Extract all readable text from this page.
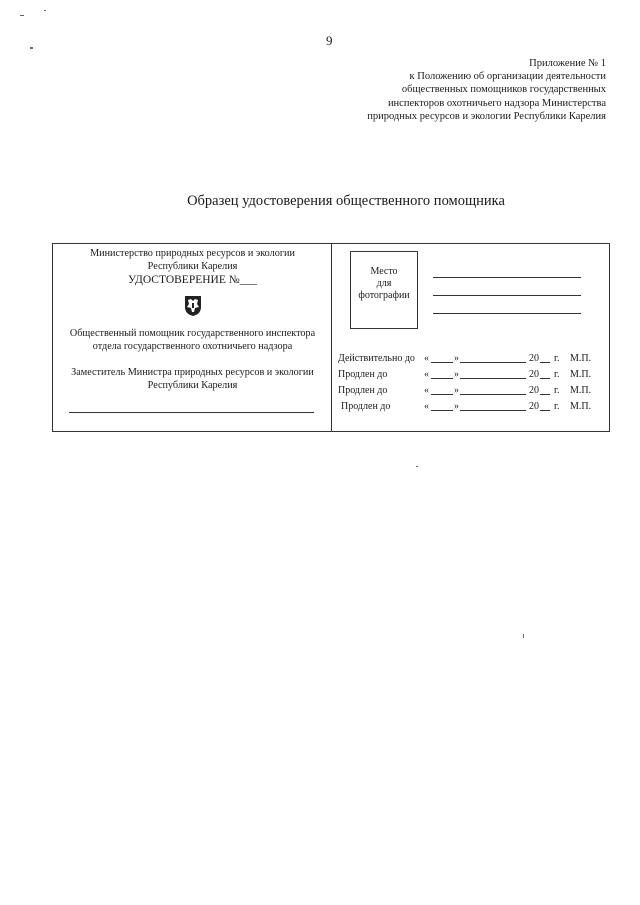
9
Приложение № 1
к Положению об организации деятельности
общественных помощников государственных
инспекторов охотничьего надзора Министерства
природных ресурсов и экологии Республики Карелия
Образец удостоверения общественного помощника
Министерство природных ресурсов и экологии
Республики Карелия
УДОСТОВЕРЕНИЕ №___
Общественный помощник государственного инспектора
отдела государственного охотничьего надзора
Заместитель Министра природных ресурсов и экологии
Республики Карелия
Место
для
фотографии
Действительно до «	»	20 г. М.П.
Продлен до	«	»	20 г. М.П.
Продлен до	«	»	20 г. М.П.
Продлен до	«	»	20 г. М.П.
